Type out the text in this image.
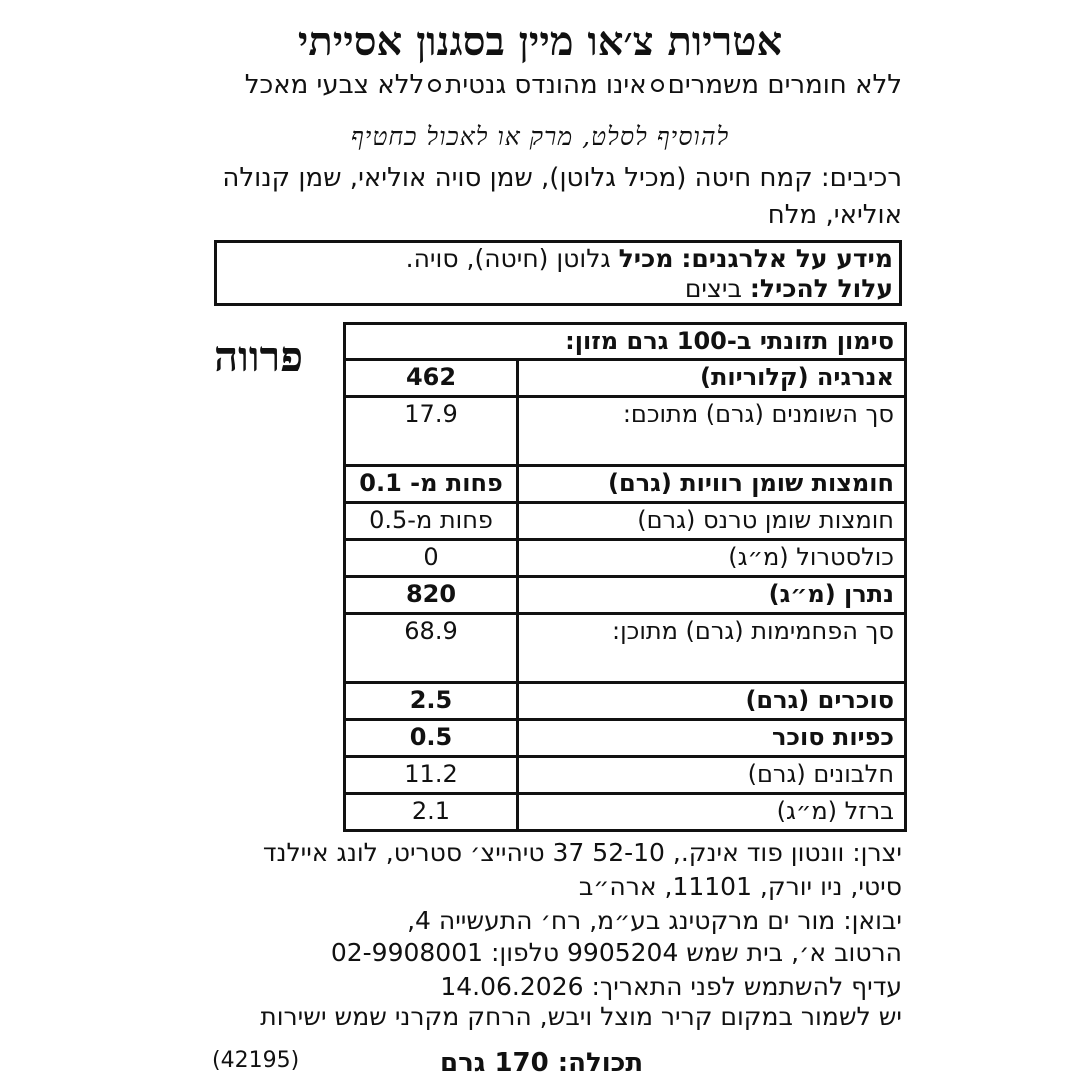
אטריות צ׳או מיין בסגנון אסייתי
ללא חומרים משמריםאינו מהונדס גנטיתללא צבעי מאכל
להוסיף לסלט, מרק או לאכול כחטיף
רכיבים: קמח חיטה (מכיל גלוטן), שמן סויה אוליאי, שמן קנולה אוליאי, מלח
מידע על אלרגנים: מכיל גלוטן (חיטה), סויה.
עלול להכיל: ביצים
פרווה	סימון תזונתי ב-100 גרם מזון:	
אנרגיה (קלוריות)	462
סך השומנים (גרם) מתוכם:	17.9
חומצות שומן רוויות (גרם)	פחות מ- 0.1
חומצות שומן טרנס (גרם)	פחות מ-0.5
כולסטרול (מ״ג)	0
נתרן (מ״ג)	820
סך הפחמימות (גרם) מתוכן:	68.9
סוכרים (גרם)	2.5
כפיות סוכר	0.5
חלבונים (גרם)	11.2
ברזל (מ״ג)	2.1
יצרן: וונטון פוד אינק., 52-10 37 טיהייצ׳ סטריט, לונג איילנד
סיטי, ניו יורק, 11101, ארה״ב
יבואן: מור ים מרקטינג בע״מ, רח׳ התעשייה 4,
הרטוב א׳, בית שמש 9905204 טלפון: 02-9908001
עדיף להשתמש לפני התאריך: 14.06.2026
יש לשמור במקום קריר מוצל ויבש, הרחק מקרני שמש ישירות
תכולה: 170 גרם
(42195)
